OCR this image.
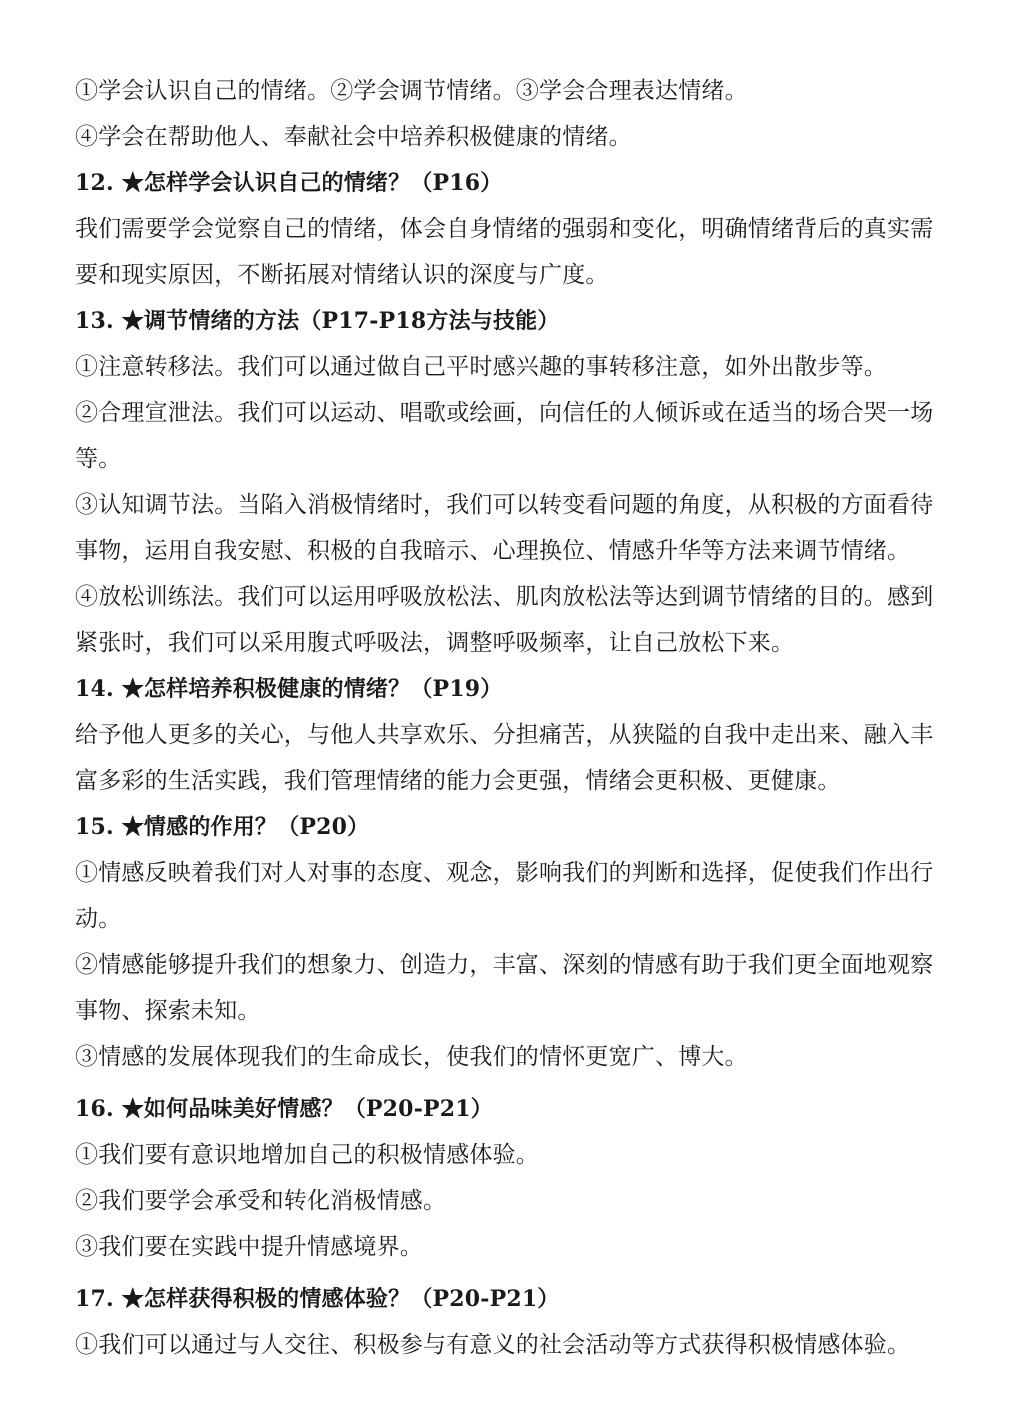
①学会认识自己的情绪。②学会调节情绪。③学会合理表达情绪。
④学会在帮助他人、奉献社会中培养积极健康的情绪。
12. ★怎样学会认识自己的情绪？（P16）
我们需要学会觉察自己的情绪，体会自身情绪的强弱和变化，明确情绪背后的真实需
要和现实原因，不断拓展对情绪认识的深度与广度。
13. ★调节情绪的方法（P17-P18方法与技能）
①注意转移法。我们可以通过做自己平时感兴趣的事转移注意，如外出散步等。
②合理宣泄法。我们可以运动、唱歌或绘画，向信任的人倾诉或在适当的场合哭一场
等。
③认知调节法。当陷入消极情绪时，我们可以转变看问题的角度，从积极的方面看待
事物，运用自我安慰、积极的自我暗示、心理换位、情感升华等方法来调节情绪。
④放松训练法。我们可以运用呼吸放松法、肌肉放松法等达到调节情绪的目的。感到
紧张时，我们可以采用腹式呼吸法，调整呼吸频率，让自己放松下来。
14. ★怎样培养积极健康的情绪？（P19）
给予他人更多的关心，与他人共享欢乐、分担痛苦，从狭隘的自我中走出来、融入丰
富多彩的生活实践，我们管理情绪的能力会更强，情绪会更积极、更健康。
15. ★情感的作用？（P20）
①情感反映着我们对人对事的态度、观念，影响我们的判断和选择，促使我们作出行
动。
②情感能够提升我们的想象力、创造力，丰富、深刻的情感有助于我们更全面地观察
事物、探索未知。
③情感的发展体现我们的生命成长，使我们的情怀更宽广、博大。
16. ★如何品味美好情感？（P20-P21）
①我们要有意识地增加自己的积极情感体验。
②我们要学会承受和转化消极情感。
③我们要在实践中提升情感境界。
17. ★怎样获得积极的情感体验？（P20-P21）
①我们可以通过与人交往、积极参与有意义的社会活动等方式获得积极情感体验。
